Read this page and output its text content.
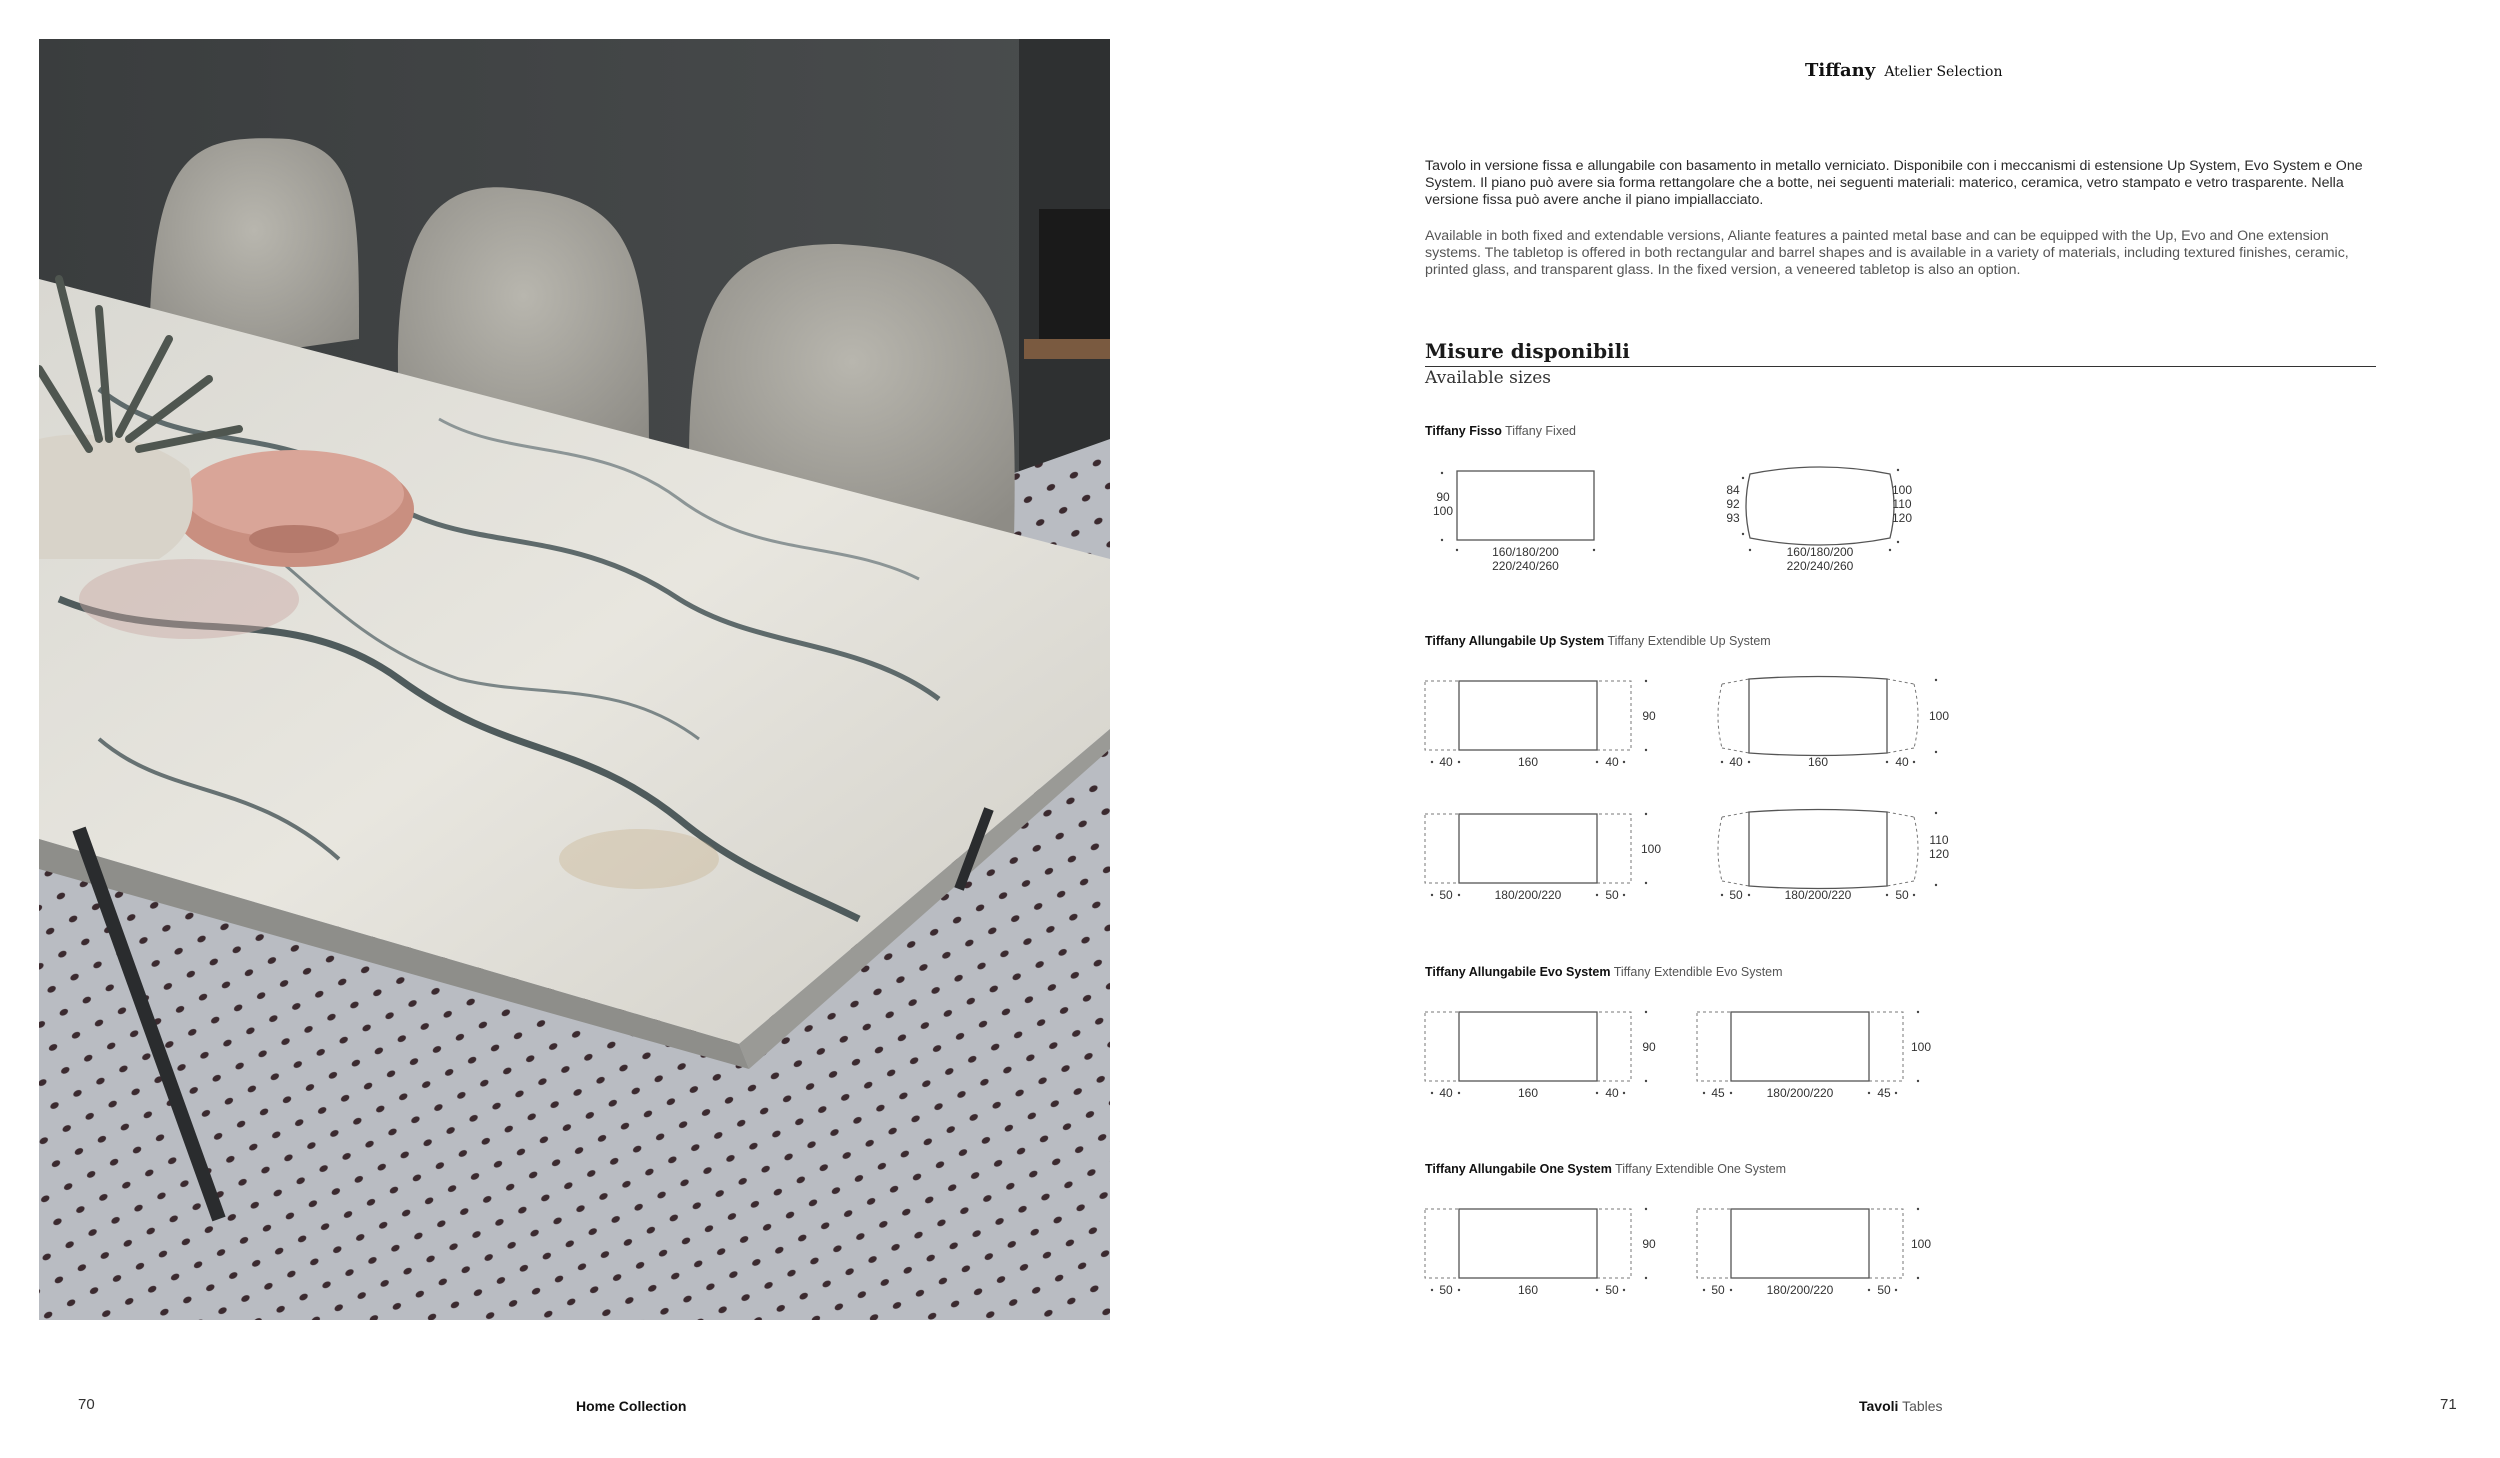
Tiffany Atelier Selection

Tavolo in versione fissa e allungabile con basamento in metallo verniciato. Disponibile con i meccanismi di estensione Up System, Evo System e One System. Il piano può avere sia forma rettangolare che a botte, nei seguenti materiali: materico, ceramica, vetro stampato e vetro trasparente. Nella versione fissa può avere anche il piano impiallacciato.

Available in both fixed and extendable versions, Aliante features a painted metal base and can be equipped with the Up, Evo and One extension systems. The tabletop is offered in both rectangular and barrel shapes and is available in a variety of materials, including textured finishes, ceramic, printed glass, and transparent glass. In the fixed version, a veneered tabletop is also an option.

Misure disponibili
Available sizes
Tiffany Fisso Tiffany Fixed
Tiffany Allungabile Up System Tiffany Extendible Up System
Tiffany Allungabile Evo System Tiffany Extendible Evo System
Tiffany Allungabile One System Tiffany Extendible One System
90
100
160/180/200
220/240/260
84
92
93
100
110
120
160/180/200
220/240/260
40	160	40
90
40	160	40
100
50	180/200/220	50
100
50	180/200/220	50
110
120
40	160	40
90
45	180/200/220	45
100
50	160	50
90
50	180/200/220	50
100
70	Home Collection	Tavoli Tables	71
